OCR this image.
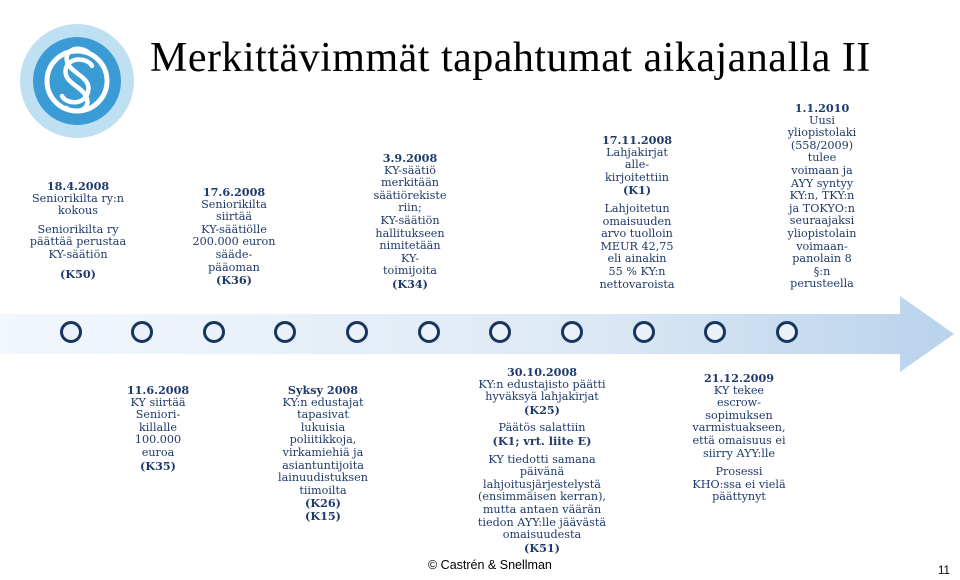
Merkittävimmät tapahtumat aikajanalla II
18.4.2008
Seniorikilta ry:n
kokous
Seniorikilta ry
päättää perustaa
KY-säätiön
(K50)
17.6.2008
Seniorikilta
siirtää
KY-säätiölle
200.000 euron
sääde-
pääoman
(K36)
3.9.2008
KY-säätiö
merkitään
säätiörekiste
riin;
KY-säätiön
hallitukseen
nimitetään
KY-
toimijoita
(K34)
17.11.2008
Lahjakirjat
alle-
kirjoitettiin
(K1)
Lahjoitetun
omaisuuden
arvo tuolloin
MEUR 42,75
eli ainakin
55 % KY:n
nettovaroista
1.1.2010
Uusi
yliopistolaki
(558/2009)
tulee
voimaan ja
AYY syntyy
KY:n, TKY:n
ja TOKYO:n
seuraajaksi
yliopistolain
voimaan-
panolain 8
§:n
perusteella
11.6.2008
KY siirtää
Seniori-
killalle
100.000
euroa
(K35)
Syksy 2008
KY:n edustajat
tapasivat
lukuisia
poliitikkoja,
virkamiehiä ja
asiantuntijoita
lainuudistuksen
tiimoilta
(K26)
(K15)
30.10.2008
KY:n edustajisto päätti
hyväksyä lahjakirjat
(K25)
Päätös salattiin
(K1; vrt. liite E)
KY tiedotti samana
päivänä
lahjoitusjärjestelystä
(ensimmäisen kerran),
mutta antaen väärän
tiedon AYY:lle jäävästä
omaisuudesta
(K51)
21.12.2009
KY tekee
escrow-
sopimuksen
varmistuakseen,
että omaisuus ei
siirry AYY:lle
Prosessi
KHO:ssa ei vielä
päättynyt
© Castrén & Snellman	11
